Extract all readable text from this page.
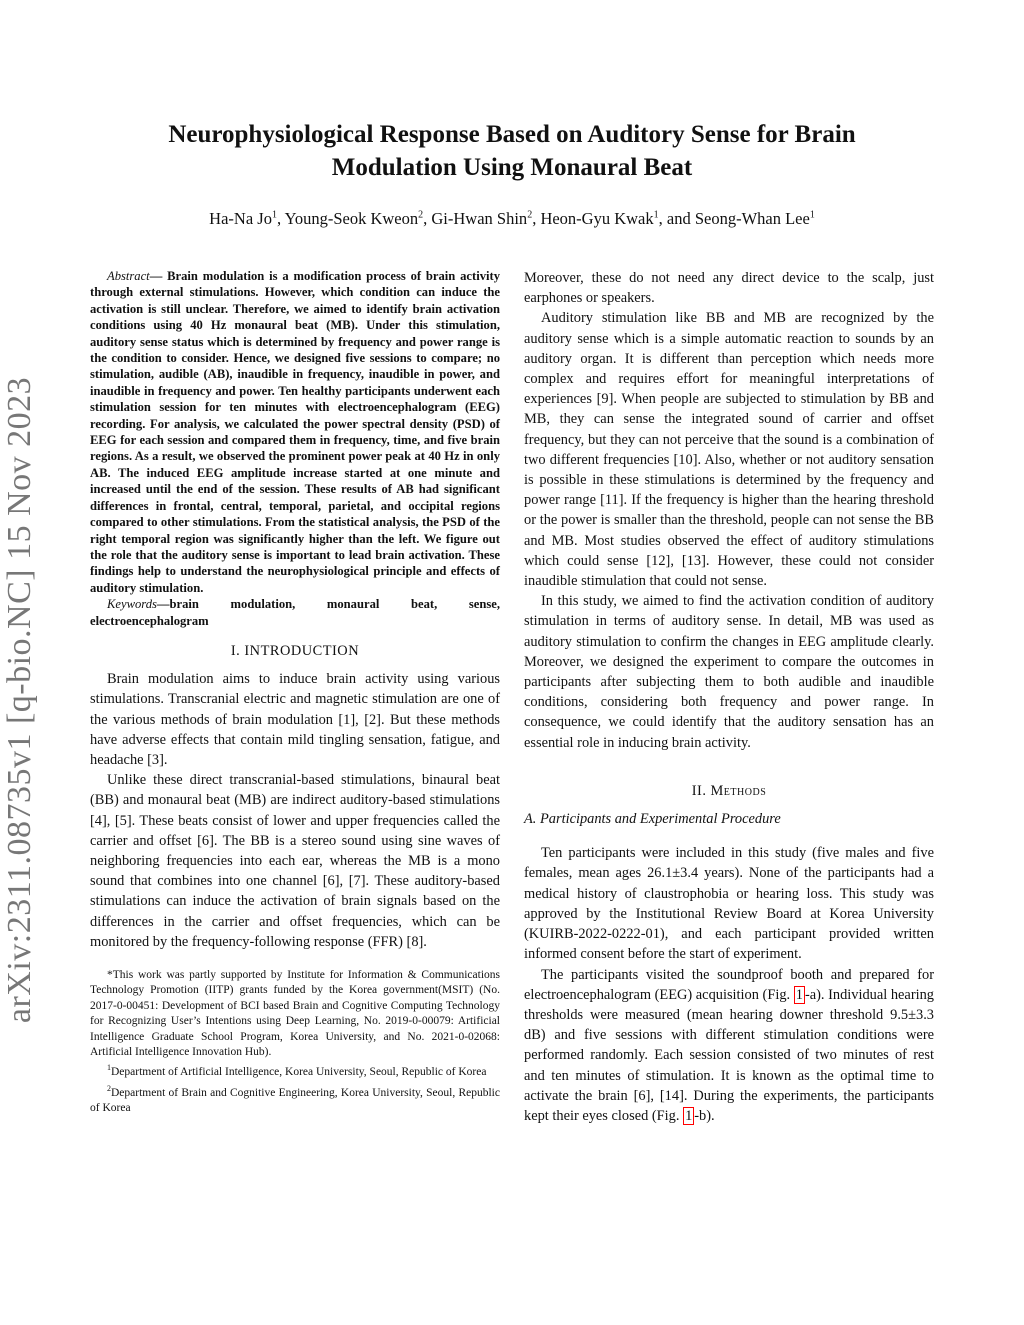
arXiv:2311.08735v1 [q-bio.NC] 15 Nov 2023
Neurophysiological Response Based on Auditory Sense for Brain
Modulation Using Monaural Beat
Ha-Na Jo$^1$, Young-Seok Kweon$^2$, Gi-Hwan Shin$^2$, Heon-Gyu Kwak$^1$, and Seong-Whan Lee$^1$

Abstract— Brain modulation is a modification process of brain activity through external stimulations. However, which condition can induce the activation is still unclear. Therefore, we aimed to identify brain activation conditions using 40 Hz monaural beat (MB). Under this stimulation, auditory sense status which is determined by frequency and power range is the condition to consider. Hence, we designed five sessions to compare; no stimulation, audible (AB), inaudible in frequency, inaudible in power, and inaudible in frequency and power. Ten healthy participants underwent each stimulation session for ten minutes with electroencephalogram (EEG) recording. For analysis, we calculated the power spectral density (PSD) of EEG for each session and compared them in frequency, time, and five brain regions. As a result, we observed the prominent power peak at 40 Hz in only AB. The induced EEG amplitude increase started at one minute and increased until the end of the session. These results of AB had significant differences in frontal, central, temporal, parietal, and occipital regions compared to other stimulations. From the statistical analysis, the PSD of the right temporal region was significantly higher than the left. We figure out the role that the auditory sense is important to lead brain activation. These findings help to understand the neurophysiological principle and effects of auditory stimulation.

Keywords—brain modulation, monaural beat, sense, electroencephalogram

I. INTRODUCTION

Brain modulation aims to induce brain activity using various stimulations. Transcranial electric and magnetic stimulation are one of the various methods of brain modulation [1], [2]. But these methods have adverse effects that contain mild tingling sensation, fatigue, and headache [3].

Unlike these direct transcranial-based stimulations, binaural beat (BB) and monaural beat (MB) are indirect auditory-based stimulations [4], [5]. These beats consist of lower and upper frequencies called the carrier and offset [6]. The BB is a stereo sound using sine waves of neighboring frequencies into each ear, whereas the MB is a mono sound that combines into one channel [6], [7]. These auditory-based stimulations can induce the activation of brain signals based on the differences in the carrier and offset frequencies, which can be monitored by the frequency-following response (FFR) [8].

*This work was partly supported by Institute for Information & Communications Technology Promotion (IITP) grants funded by the Korea government(MSIT) (No. 2017-0-00451: Development of BCI based Brain and Cognitive Computing Technology for Recognizing User’s Intentions using Deep Learning, No. 2019-0-00079: Artificial Intelligence Graduate School Program, Korea University, and No. 2021-0-02068: Artificial Intelligence Innovation Hub).

$^1$Department of Artificial Intelligence, Korea University, Seoul, Republic of Korea

$^2$Department of Brain and Cognitive Engineering, Korea University, Seoul, Republic of Korea

Moreover, these do not need any direct device to the scalp, just earphones or speakers.

Auditory stimulation like BB and MB are recognized by the auditory sense which is a simple automatic reaction to sounds by an auditory organ. It is different than perception which needs more complex and requires effort for meaningful interpretations of experiences [9]. When people are subjected to stimulation by BB and MB, they can sense the integrated sound of carrier and offset frequency, but they can not perceive that the sound is a combination of two different frequencies [10]. Also, whether or not auditory sensation is possible in these stimulations is determined by the frequency and power range [11]. If the frequency is higher than the hearing threshold or the power is smaller than the threshold, people can not sense the BB and MB. Most studies observed the effect of auditory stimulations which could sense [12], [13]. However, these could not consider inaudible stimulation that could not sense.

In this study, we aimed to find the activation condition of auditory stimulation in terms of auditory sense. In detail, MB was used as auditory stimulation to confirm the changes in EEG amplitude clearly. Moreover, we designed the experiment to compare the outcomes in participants after subjecting them to both audible and inaudible conditions, considering both frequency and power range. In consequence, we could identify that the auditory sensation has an essential role in inducing brain activity.

II. Methods
A. Participants and Experimental Procedure

Ten participants were included in this study (five males and five females, mean ages 26.1±3.4 years). None of the participants had a medical history of claustrophobia or hearing loss. This study was approved by the Institutional Review Board at Korea University (KUIRB-2022-0222-01), and each participant provided written informed consent before the start of experiment.

The participants visited the soundproof booth and prepared for electroencephalogram (EEG) acquisition (Fig. 1 -a). Individual hearing thresholds were measured (mean hearing downer threshold 9.5±3.3 dB) and five sessions with different stimulation conditions were performed randomly. Each session consisted of two minutes of rest and ten minutes of stimulation. It is known as the optimal time to activate the brain [6], [14]. During the experiments, the participants kept their eyes closed (Fig. 1 -b).
